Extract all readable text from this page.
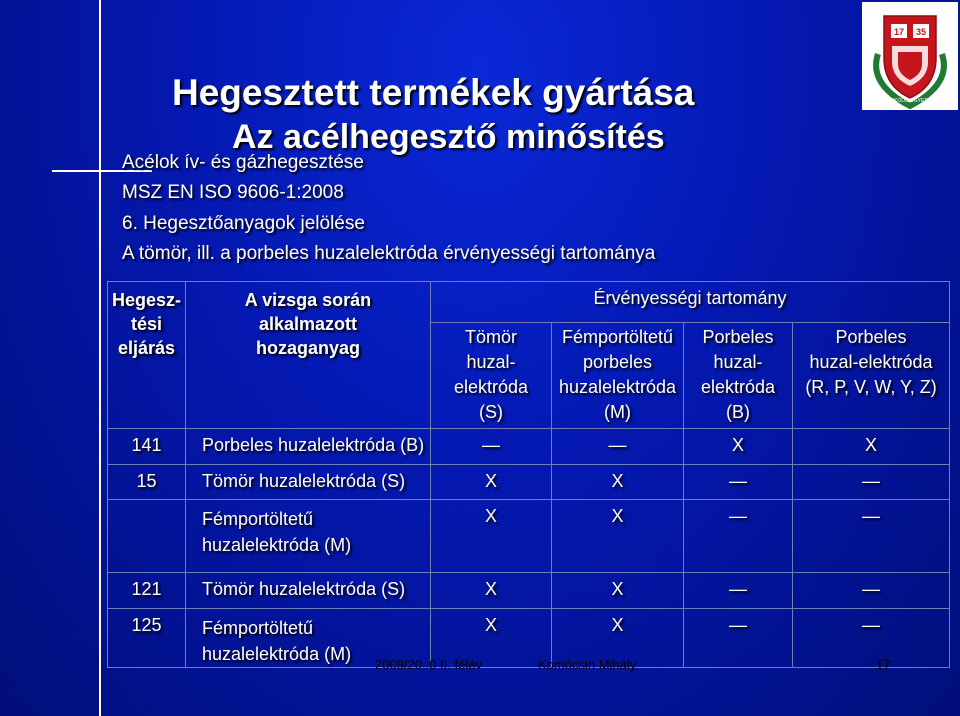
17 35
MISKOLCI EGYETEM
Hegesztett termékek gyártása
Az acélhegesztő minősítés
Acélok ív- és gázhegesztése
MSZ EN ISO 9606-1:2008
6. Hegesztőanyagok jelölése
A tömör, ill. a porbeles huzalelektróda érvényességi tartománya
Hegesz-
tési
eljárás	A vizsga során
alkalmazott
hozaganyag	Érvényességi tartomány			
		Tömör
huzal-
elektróda
(S)	Fémportöltetű
porbeles
huzalelektróda
(M)	Porbeles
huzal-
elektróda
(B)	Porbeles
huzal-elektróda
(R, P, V, W, Y, Z)
141	Porbeles huzalelektróda (B)	—	—	X	X
15	Tömör huzalelektróda (S)	X	X	—	—
	Fémportöltetű
huzalelektróda (M)	X	X	—	—
121	Tömör huzalelektróda (S)	X	X	—	—
125	Fémportöltetű
huzalelektróda (M)	X	X	—	—
2009/20..0 II. félév	Komócsin Mihály	17
